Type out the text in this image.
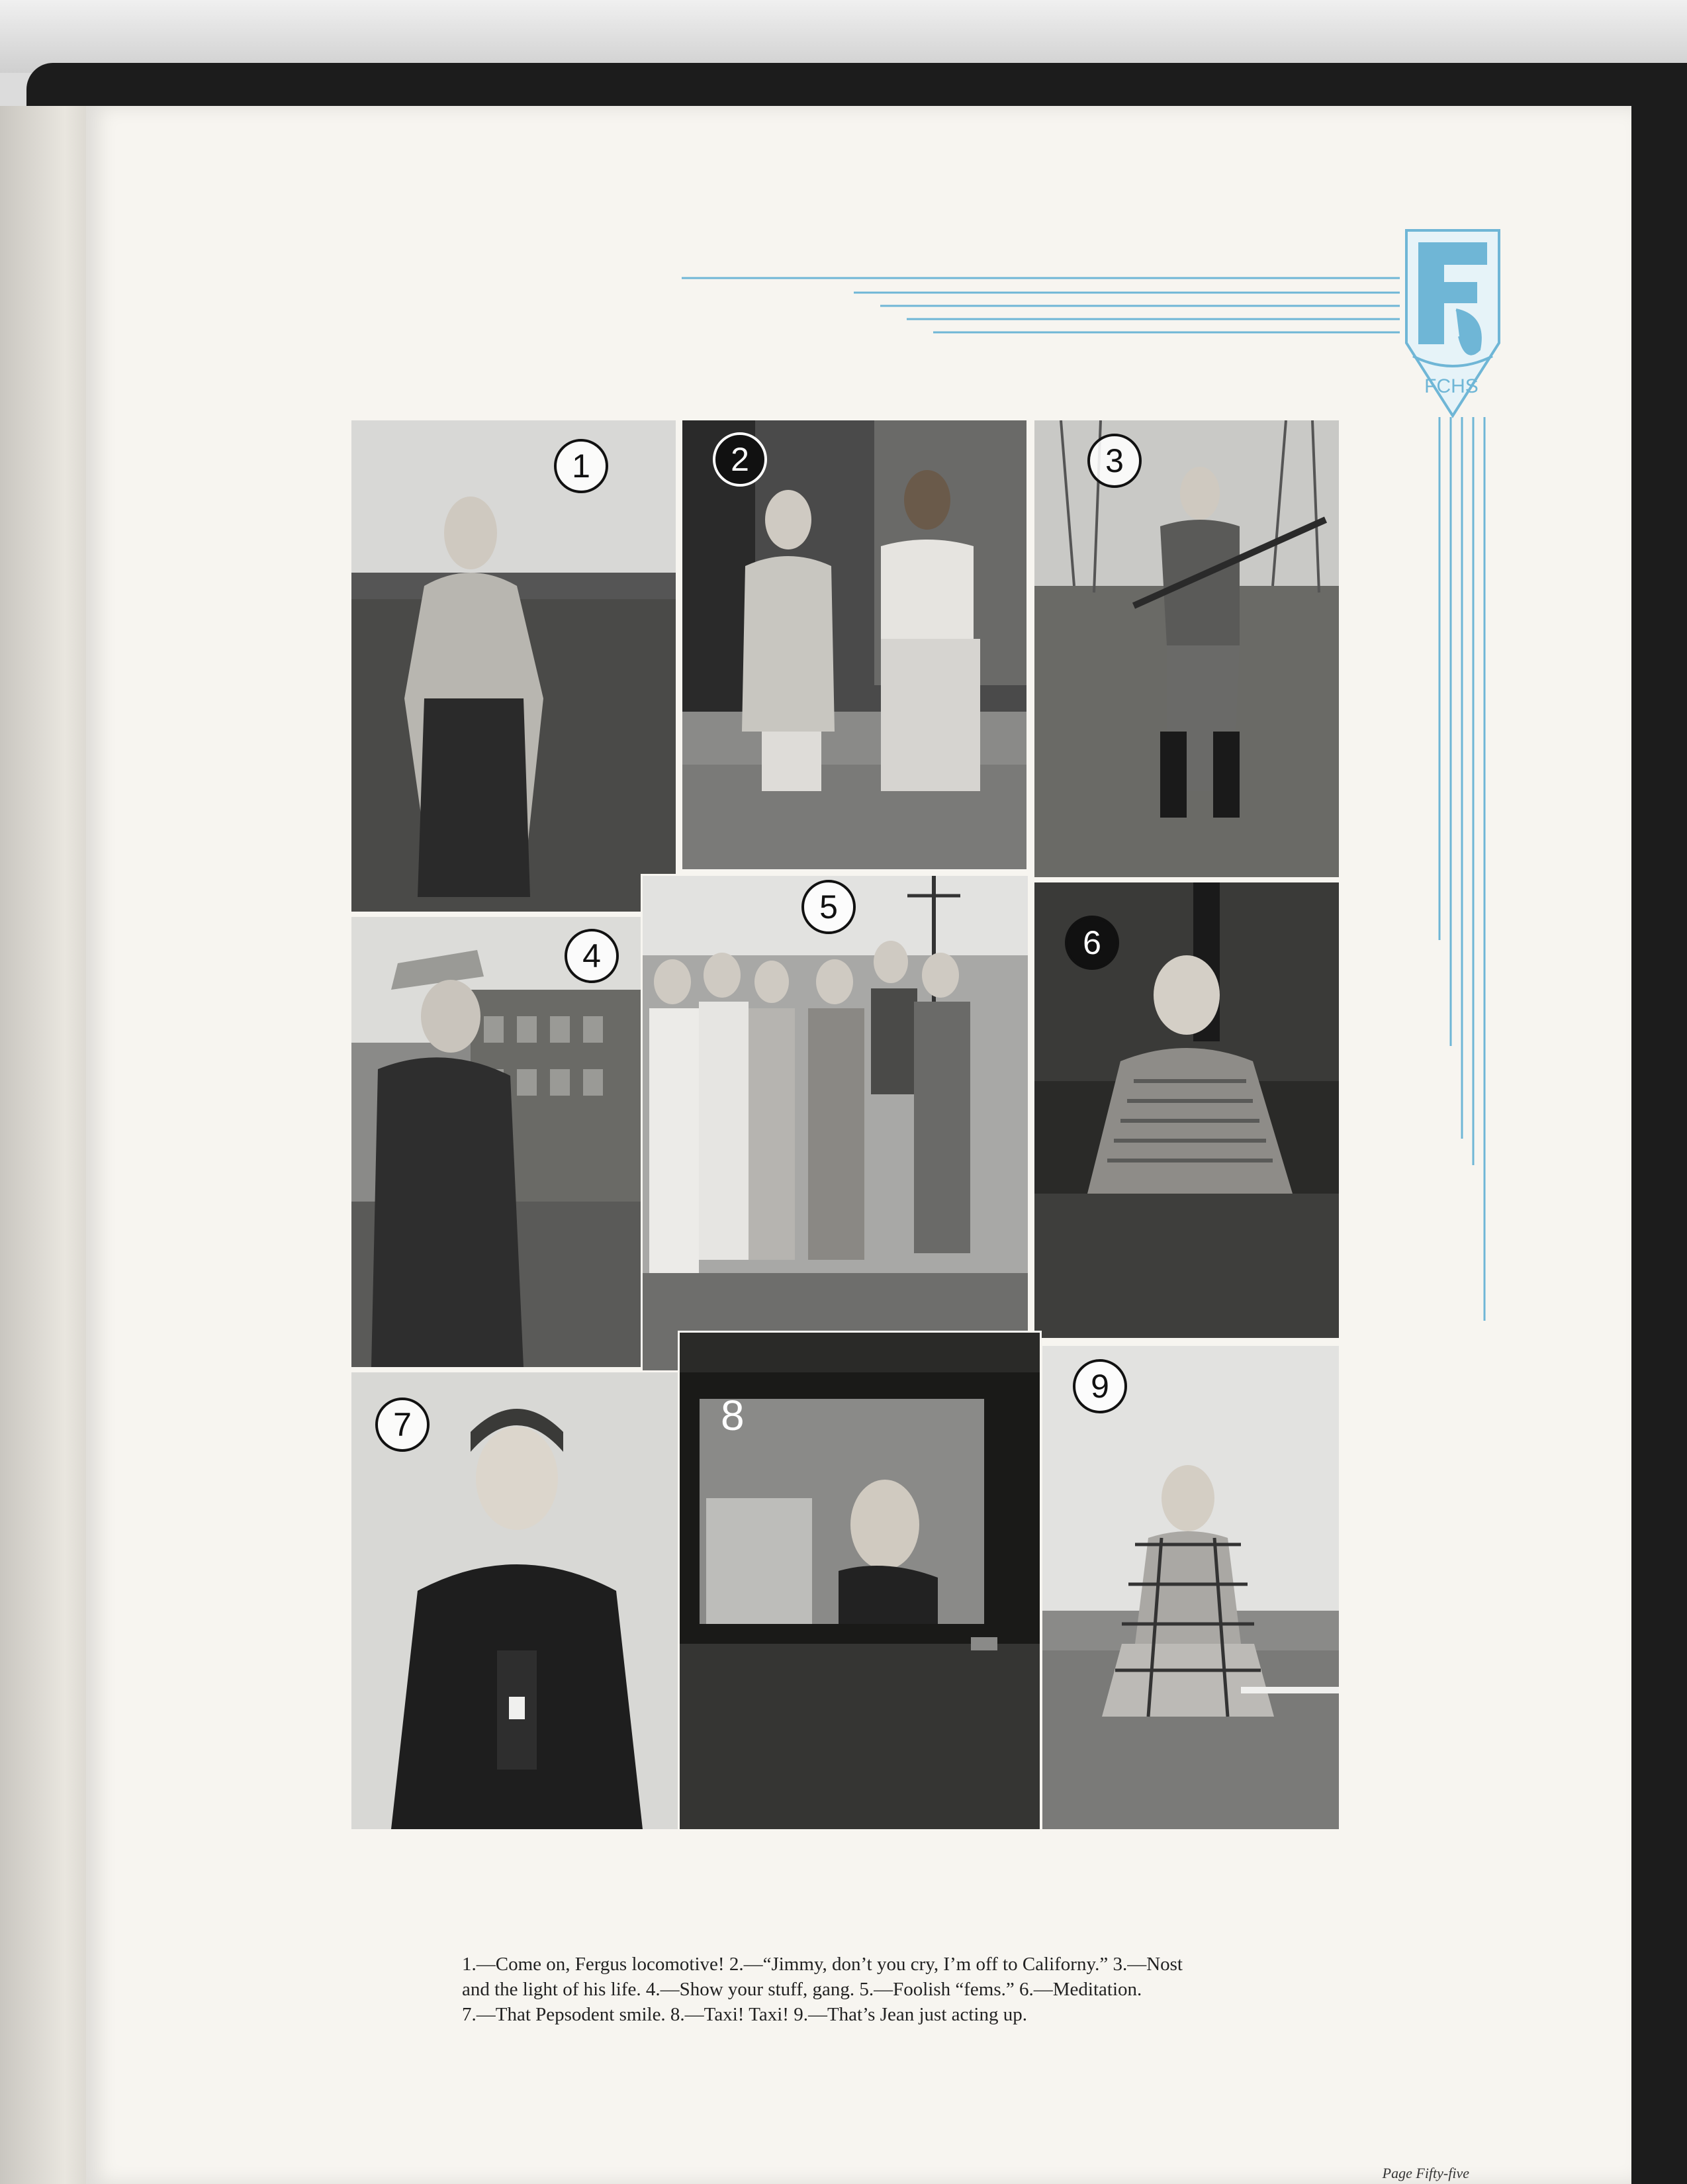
FCHS
1	2	3
4
5
6
7	8
9
1.—Come on, Fergus locomotive! 2.—“Jimmy, don’t you cry, I’m off to Californy.” 3.—Nost
and the light of his life. 4.—Show your stuff, gang. 5.—Foolish “fems.” 6.—Meditation.
7.—That Pepsodent smile. 8.—Taxi! Taxi! 9.—That’s Jean just acting up.
Page Fifty-five
